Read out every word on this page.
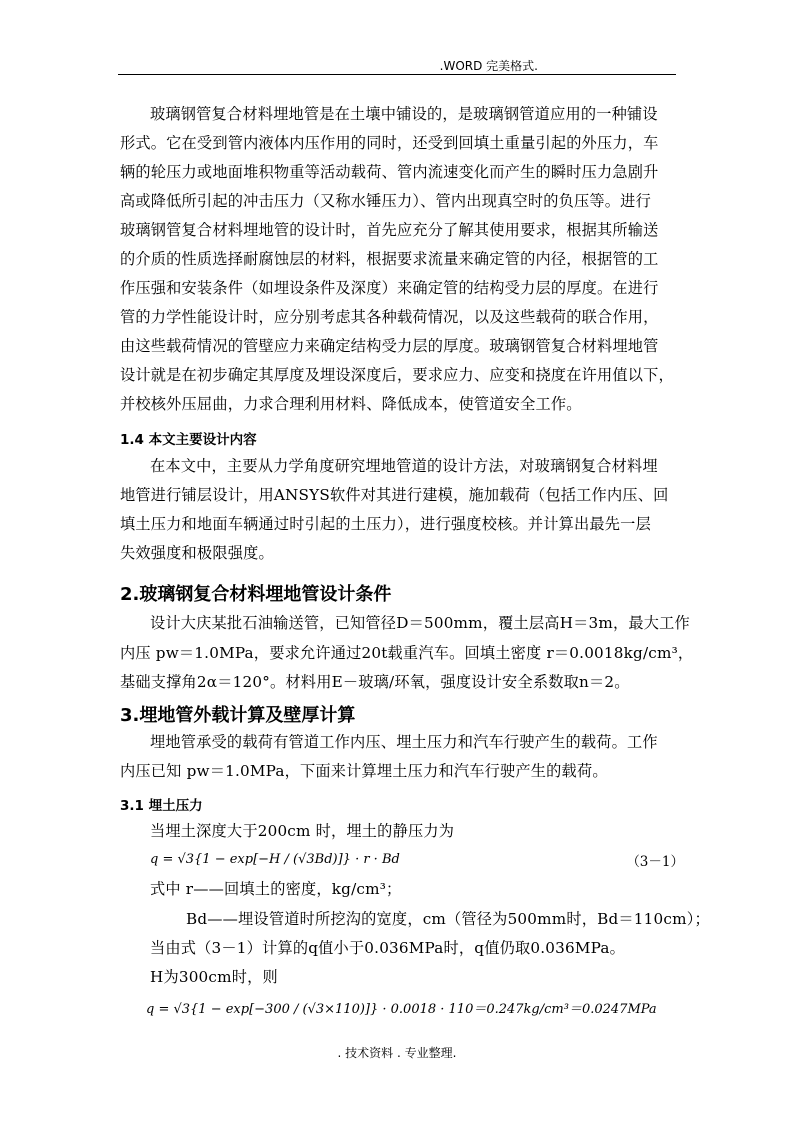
.WORD 完美格式.
玻璃钢管复合材料埋地管是在土壤中铺设的，是玻璃钢管道应用的一种铺设
形式。它在受到管内液体内压作用的同时，还受到回填土重量引起的外压力，车
辆的轮压力或地面堆积物重等活动载荷、管内流速变化而产生的瞬时压力急剧升
高或降低所引起的冲击压力（又称水锤压力）、管内出现真空时的负压等。进行
玻璃钢管复合材料埋地管的设计时，首先应充分了解其使用要求，根据其所输送
的介质的性质选择耐腐蚀层的材料，根据要求流量来确定管的内径，根据管的工
作压强和安装条件（如埋设条件及深度）来确定管的结构受力层的厚度。在进行
管的力学性能设计时，应分别考虑其各种载荷情况，以及这些载荷的联合作用，
由这些载荷情况的管壁应力来确定结构受力层的厚度。玻璃钢管复合材料埋地管
设计就是在初步确定其厚度及埋设深度后，要求应力、应变和挠度在许用值以下，
并校核外压屈曲，力求合理利用材料、降低成本，使管道安全工作。
1.4 本文主要设计内容
在本文中，主要从力学角度研究埋地管道的设计方法，对玻璃钢复合材料埋
地管进行铺层设计，用ANSYS软件对其进行建模，施加载荷（包括工作内压、回
填土压力和地面车辆通过时引起的土压力），进行强度校核。并计算出最先一层
失效强度和极限强度。
2.玻璃钢复合材料埋地管设计条件
设计大庆某批石油输送管，已知管径D＝500mm，覆土层高H＝3m，最大工作
内压 pw＝1.0MPa，要求允许通过20t载重汽车。回填土密度 r＝0.0018kg/cm³，
基础支撑角2α＝120°。材料用E－玻璃/环氧，强度设计安全系数取n＝2。
3.埋地管外载计算及壁厚计算
埋地管承受的载荷有管道工作内压、埋土压力和汽车行驶产生的载荷。工作
内压已知 pw＝1.0MPa，下面来计算埋土压力和汽车行驶产生的载荷。
3.1 埋土压力
当埋土深度大于200cm 时，埋土的静压力为
q = √3{1 − exp[−H / (√3Bd)]} · r · Bd	（3－1）
式中 r——回填土的密度，kg/cm³；
Bd——埋设管道时所挖沟的宽度，cm（管径为500mm时，Bd＝110cm）；
当由式（3－1）计算的q值小于0.036MPa时，q值仍取0.036MPa。
H为300cm时，则
q = √3{1 − exp[−300 / (√3×110)]} · 0.0018 · 110＝0.247kg/cm³＝0.0247MPa
. 技术资料 . 专业整理.
